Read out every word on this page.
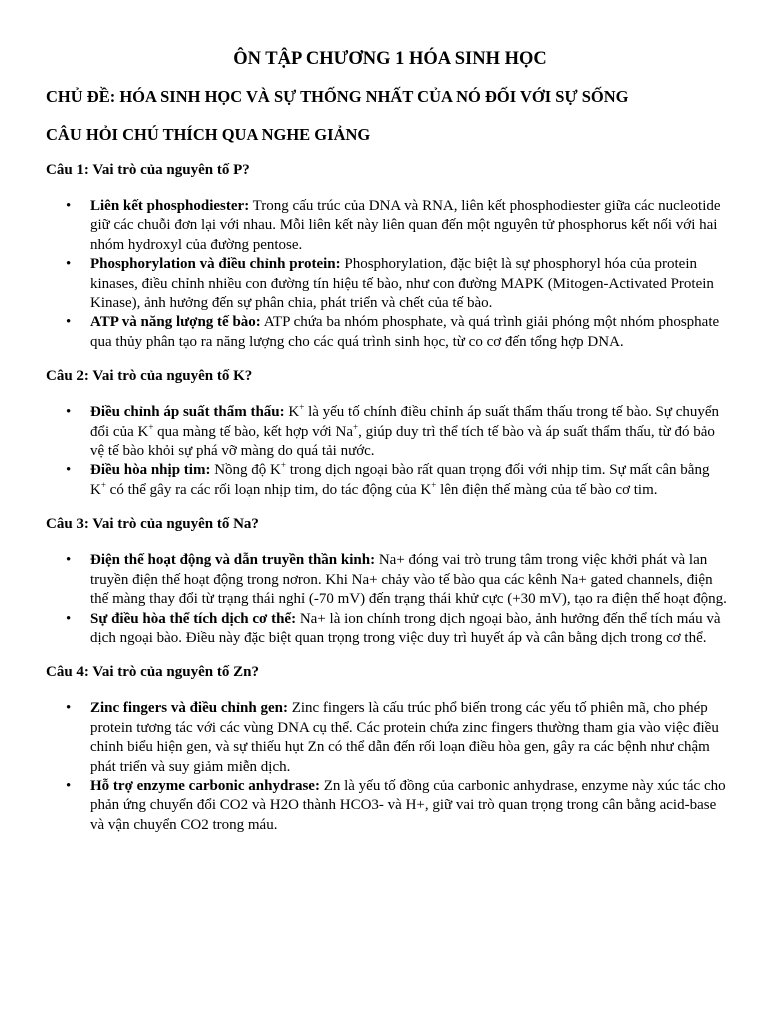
ÔN TẬP CHƯƠNG 1 HÓA SINH HỌC
CHỦ ĐỀ: HÓA SINH HỌC VÀ SỰ THỐNG NHẤT CỦA NÓ ĐỐI VỚI SỰ SỐNG
CÂU HỎI CHÚ THÍCH QUA NGHE GIẢNG

Câu 1: Vai trò của nguyên tố P?

• Liên kết phosphodiester: Trong cấu trúc của DNA và RNA, liên kết phosphodiester giữa các nucleotide giữ các chuỗi đơn lại với nhau. Mỗi liên kết này liên quan đến một nguyên tử phosphorus kết nối với hai nhóm hydroxyl của đường pentose.
• Phosphorylation và điều chỉnh protein: Phosphorylation, đặc biệt là sự phosphoryl hóa của protein kinases, điều chỉnh nhiều con đường tín hiệu tế bào, như con đường MAPK (Mitogen-Activated Protein Kinase), ảnh hưởng đến sự phân chia, phát triển và chết của tế bào.
• ATP và năng lượng tế bào: ATP chứa ba nhóm phosphate, và quá trình giải phóng một nhóm phosphate qua thủy phân tạo ra năng lượng cho các quá trình sinh học, từ co cơ đến tổng hợp DNA.

Câu 2: Vai trò của nguyên tố K?

• Điều chỉnh áp suất thẩm thấu: K+ là yếu tố chính điều chỉnh áp suất thẩm thấu trong tế bào. Sự chuyển đổi của K+ qua màng tế bào, kết hợp với Na+, giúp duy trì thể tích tế bào và áp suất thẩm thấu, từ đó bảo vệ tế bào khỏi sự phá vỡ màng do quá tải nước.
• Điều hòa nhịp tim: Nồng độ K+ trong dịch ngoại bào rất quan trọng đối với nhịp tim. Sự mất cân bằng K+ có thể gây ra các rối loạn nhịp tim, do tác động của K+ lên điện thế màng của tế bào cơ tim.

Câu 3: Vai trò của nguyên tố Na?

• Điện thế hoạt động và dẫn truyền thần kinh: Na+ đóng vai trò trung tâm trong việc khởi phát và lan truyền điện thế hoạt động trong nơron. Khi Na+ chảy vào tế bào qua các kênh Na+ gated channels, điện thế màng thay đổi từ trạng thái nghỉ (-70 mV) đến trạng thái khử cực (+30 mV), tạo ra điện thế hoạt động.
• Sự điều hòa thể tích dịch cơ thể: Na+ là ion chính trong dịch ngoại bào, ảnh hưởng đến thể tích máu và dịch ngoại bào. Điều này đặc biệt quan trọng trong việc duy trì huyết áp và cân bằng dịch trong cơ thể.

Câu 4: Vai trò của nguyên tố Zn?

• Zinc fingers và điều chỉnh gen: Zinc fingers là cấu trúc phổ biến trong các yếu tố phiên mã, cho phép protein tương tác với các vùng DNA cụ thể. Các protein chứa zinc fingers thường tham gia vào việc điều chỉnh biểu hiện gen, và sự thiếu hụt Zn có thể dẫn đến rối loạn điều hòa gen, gây ra các bệnh như chậm phát triển và suy giảm miễn dịch.
• Hỗ trợ enzyme carbonic anhydrase: Zn là yếu tố đồng của carbonic anhydrase, enzyme này xúc tác cho phản ứng chuyển đổi CO2 và H2O thành HCO3- và H+, giữ vai trò quan trọng trong cân bằng acid-base và vận chuyển CO2 trong máu.
